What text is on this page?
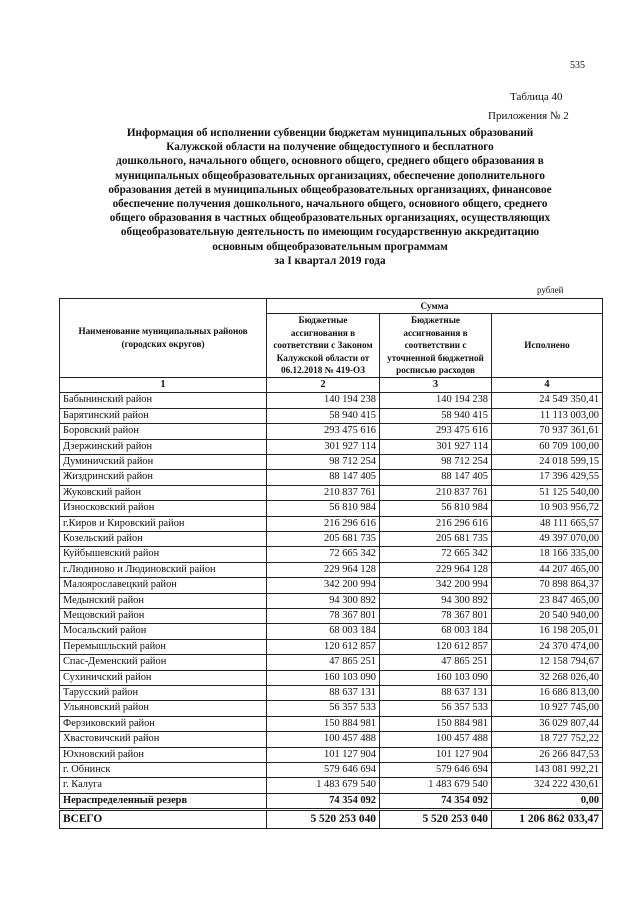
535
Таблица 40
Приложения № 2
Информация об исполнении субвенции бюджетам муниципальных образований
Калужской области на получение общедоступного и бесплатного
дошкольного, начального общего, основного общего, среднего общего образования в
муниципальных общеобразовательных организациях, обеспечение дополнительного
образования детей в муниципальных общеобразовательных организациях, финансовое
обеспечение получения дошкольного, начального общего, основного общего, среднего
общего образования в частных общеобразовательных организациях, осуществляющих
общеобразовательную деятельность по имеющим государственную аккредитацию
основным общеобразовательным программам
за I квартал 2019 года
рублей
Наименование муниципальных районов (городских округов)	Сумма		
	Бюджетные ассигнования в соответствии с Законом Калужской области от 06.12.2018 № 419-ОЗ	Бюджетные ассигнования в соответствии с уточненной бюджетной росписью расходов	Исполнено
1	2	3	4
Бабынинский район	140 194 238	140 194 238	24 549 350,41
Барятинский район	58 940 415	58 940 415	11 113 003,00
Боровский район	293 475 616	293 475 616	70 937 361,61
Дзержинский район	301 927 114	301 927 114	60 709 100,00
Думиничский район	98 712 254	98 712 254	24 018 599,15
Жиздринский район	88 147 405	88 147 405	17 396 429,55
Жуковский район	210 837 761	210 837 761	51 125 540,00
Износковский район	56 810 984	56 810 984	10 903 956,72
г.Киров и Кировский район	216 296 616	216 296 616	48 111 665,57
Козельский район	205 681 735	205 681 735	49 397 070,00
Куйбышевский район	72 665 342	72 665 342	18 166 335,00
г.Людиново и Людиновский район	229 964 128	229 964 128	44 207 465,00
Малоярославецкий район	342 200 994	342 200 994	70 898 864,37
Медынский район	94 300 892	94 300 892	23 847 465,00
Мещовский район	78 367 801	78 367 801	20 540 940,00
Мосальский район	68 003 184	68 003 184	16 198 205,01
Перемышльский район	120 612 857	120 612 857	24 370 474,00
Спас-Деменский район	47 865 251	47 865 251	12 158 794,67
Сухиничский район	160 103 090	160 103 090	32 268 026,40
Тарусский район	88 637 131	88 637 131	16 686 813,00
Ульяновский район	56 357 533	56 357 533	10 927 745,00
Ферзиковский район	150 884 981	150 884 981	36 029 807,44
Хвастовичский район	100 457 488	100 457 488	18 727 752,22
Юхновский район	101 127 904	101 127 904	26 266 847,53
г. Обнинск	579 646 694	579 646 694	143 081 992,21
г. Калуга	1 483 679 540	1 483 679 540	324 222 430,61
Нераспределенный резерв	74 354 092	74 354 092	0,00
ВСЕГО	5 520 253 040	5 520 253 040	1 206 862 033,47
